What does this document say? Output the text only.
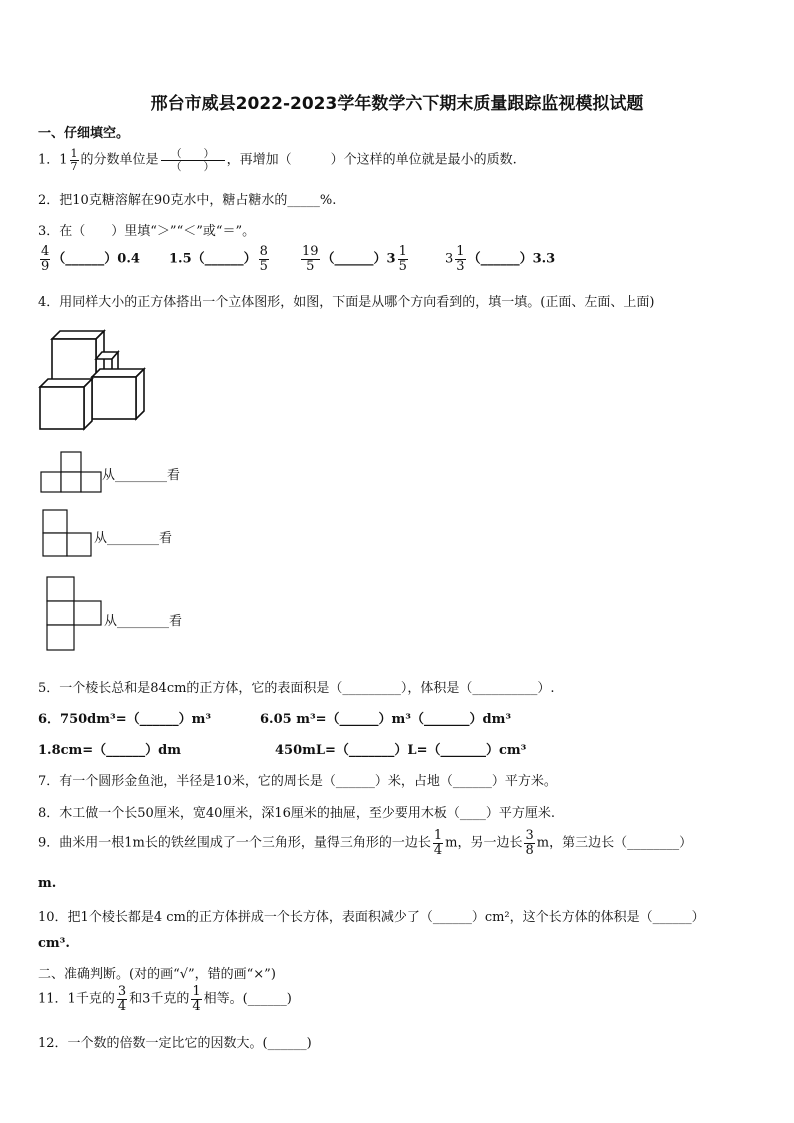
邢台市威县2022-2023学年数学六下期末质量跟踪监视模拟试题
一、仔细填空。
1．$1 \frac{1}{7}$ 的分数单位是 $\frac{( )}{( )}$ ，再增加（　　　）个这样的单位就是最小的质数.
2．把10克糖溶解在90克水中，糖占糖水的_____%.
3．在（　　）里填“＞”“＜”或“＝”。
$\frac{4}{9}$ （______）0.4 1.5（______） $\frac{8}{5} \frac{19}{5}$ （______）3 $\frac{1}{5}$	$3 \frac{1}{3}$ （______）3.3
4．用同样大小的正方体搭出一个立体图形，如图，下面是从哪个方向看到的，填一填。(正面、左面、上面)
从________看
从________看
从________看
5．一个棱长总和是84cm的正方体，它的表面积是（_________），体积是（__________）.
6．750dm³=（______）m³	6.05 m³=（______）m³（_______）dm³
1.8cm=（______）dm	450mL=（_______）L=（_______）cm³
7．有一个圆形金鱼池，半径是10米，它的周长是（______）米，占地（______）平方米。
8．木工做一个长50厘米，宽40厘米，深16厘米的抽屉，至少要用木板（____）平方厘米.
9．曲米用一根1m长的铁丝围成了一个三角形，量得三角形的一边长 $\frac{1}{4}$ m，另一边长 $\frac{3}{8}$ m，第三边长（________）
m.
10．把1个棱长都是4 cm的正方体拼成一个长方体，表面积减少了（______）cm²，这个长方体的体积是（______）
cm³.
二、准确判断。(对的画“√”，错的画“×”)
11．1千克的 $\frac{3}{4}$ 和3千克的 $\frac{1}{4}$ 相等。(______)
12．一个数的倍数一定比它的因数大。(______)
